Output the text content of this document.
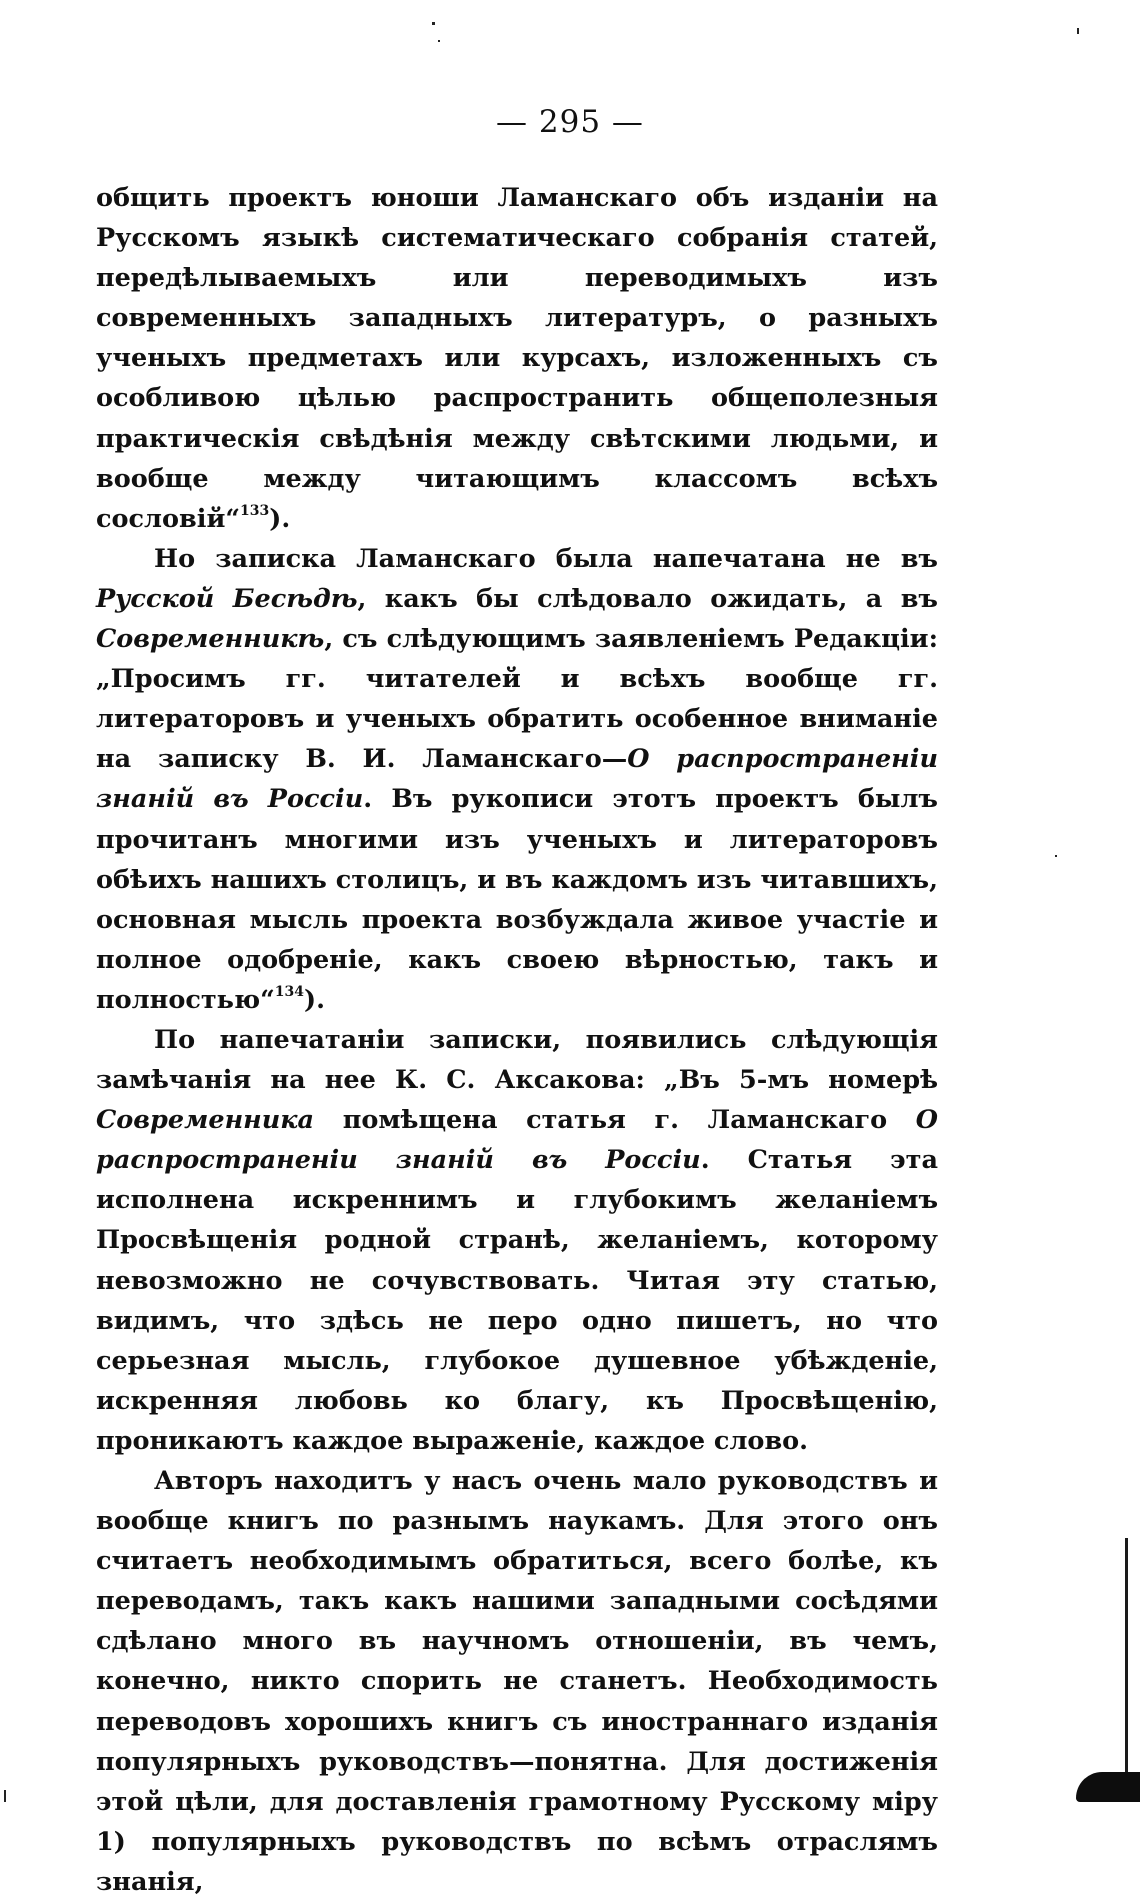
— 295 —

общить проектъ юноши Ламанскаго объ изданіи на Русскомъ языкѣ систематическаго собранія статей, передѣлываемыхъ или переводимыхъ изъ современныхъ западныхъ литературъ, о разныхъ ученыхъ предметахъ или курсахъ, изложенныхъ съ особливою цѣлью распространить общеполезныя практическія свѣдѣнія между свѣтскими людьми, и вообще между читающимъ классомъ всѣхъ сословій“$^{133}$).

Но записка Ламанскаго была напечатана не въ Русской Бесѣдѣ, какъ бы слѣдовало ожидать, а въ Современникѣ, съ слѣдующимъ заявленіемъ Редакціи: „Просимъ гг. читателей и всѣхъ вообще гг. литераторовъ и ученыхъ обратить особенное вниманіе на записку В. И. Ламанскаго—О распространеніи знаній въ Россіи. Въ рукописи этотъ проектъ былъ прочитанъ многими изъ ученыхъ и литераторовъ обѣихъ нашихъ столицъ, и въ каждомъ изъ читавшихъ, основная мысль проекта возбуждала живое участіе и полное одобреніе, какъ своею вѣрностью, такъ и полностью“$^{134}$).

По напечатаніи записки, появились слѣдующія замѣчанія на нее К. С. Аксакова: „Въ 5-мъ номерѣ Современника помѣщена статья г. Ламанскаго О распространеніи знаній въ Россіи. Статья эта исполнена искреннимъ и глубокимъ желаніемъ Просвѣщенія родной странѣ, желаніемъ, которому невозможно не сочувствовать. Читая эту статью, видимъ, что здѣсь не перо одно пишетъ, но что серьезная мысль, глубокое душевное убѣжденіе, искренняя любовь ко благу, къ Просвѣщенію, проникаютъ каждое выраженіе, каждое слово.

Авторъ находитъ у насъ очень мало руководствъ и вообще книгъ по разнымъ наукамъ. Для этого онъ считаетъ необходимымъ обратиться, всего болѣе, къ переводамъ, такъ какъ нашими западными сосѣдями сдѣлано много въ научномъ отношеніи, въ чемъ, конечно, никто спорить не станетъ. Необходимость переводовъ хорошихъ книгъ съ иностраннаго изданія популярныхъ руководствъ—понятна. Для достиженія этой цѣли, для доставленія грамотному Русскому міру 1) популярныхъ руководствъ по всѣмъ отраслямъ знанія,
